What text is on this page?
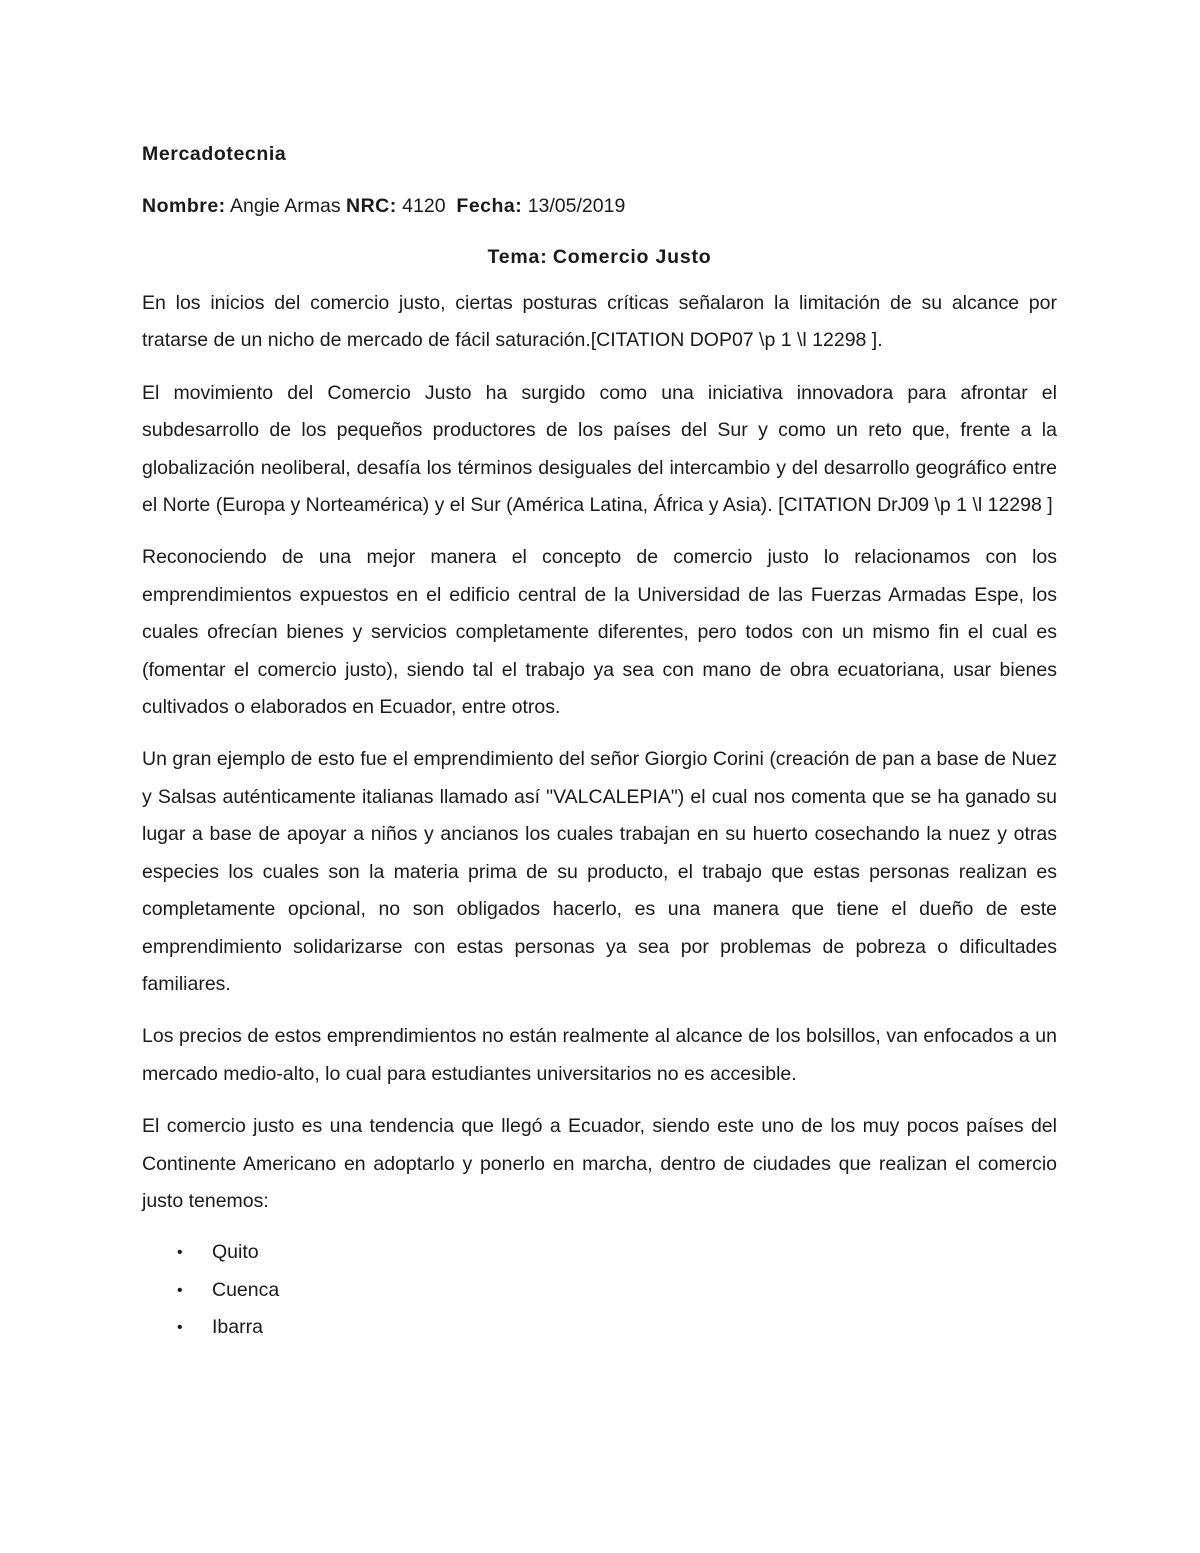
Mercadotecnia

Nombre: Angie Armas NRC: 4120 Fecha: 13/05/2019

Tema: Comercio Justo

En los inicios del comercio justo, ciertas posturas críticas señalaron la limitación de su alcance por tratarse de un nicho de mercado de fácil saturación.[CITATION DOP07 \p 1 \l 12298 ].

El movimiento del Comercio Justo ha surgido como una iniciativa innovadora para afrontar el subdesarrollo de los pequeños productores de los países del Sur y como un reto que, frente a la globalización neoliberal, desafía los términos desiguales del intercambio y del desarrollo geográfico entre el Norte (Europa y Norteamérica) y el Sur (América Latina, África y Asia). [CITATION DrJ09 \p 1 \l 12298 ]

Reconociendo de una mejor manera el concepto de comercio justo lo relacionamos con los emprendimientos expuestos en el edificio central de la Universidad de las Fuerzas Armadas Espe, los cuales ofrecían bienes y servicios completamente diferentes, pero todos con un mismo fin el cual es (fomentar el comercio justo), siendo tal el trabajo ya sea con mano de obra ecuatoriana, usar bienes cultivados o elaborados en Ecuador, entre otros.

Un gran ejemplo de esto fue el emprendimiento del señor Giorgio Corini (creación de pan a base de Nuez y Salsas auténticamente italianas llamado así "VALCALEPIA") el cual nos comenta que se ha ganado su lugar a base de apoyar a niños y ancianos los cuales trabajan en su huerto cosechando la nuez y otras especies los cuales son la materia prima de su producto, el trabajo que estas personas realizan es completamente opcional, no son obligados hacerlo, es una manera que tiene el dueño de este emprendimiento solidarizarse con estas personas ya sea por problemas de pobreza o dificultades familiares.

Los precios de estos emprendimientos no están realmente al alcance de los bolsillos, van enfocados a un mercado medio-alto, lo cual para estudiantes universitarios no es accesible.

El comercio justo es una tendencia que llegó a Ecuador, siendo este uno de los muy pocos países del Continente Americano en adoptarlo y ponerlo en marcha, dentro de ciudades que realizan el comercio justo tenemos:

• Quito
• Cuenca
• Ibarra
